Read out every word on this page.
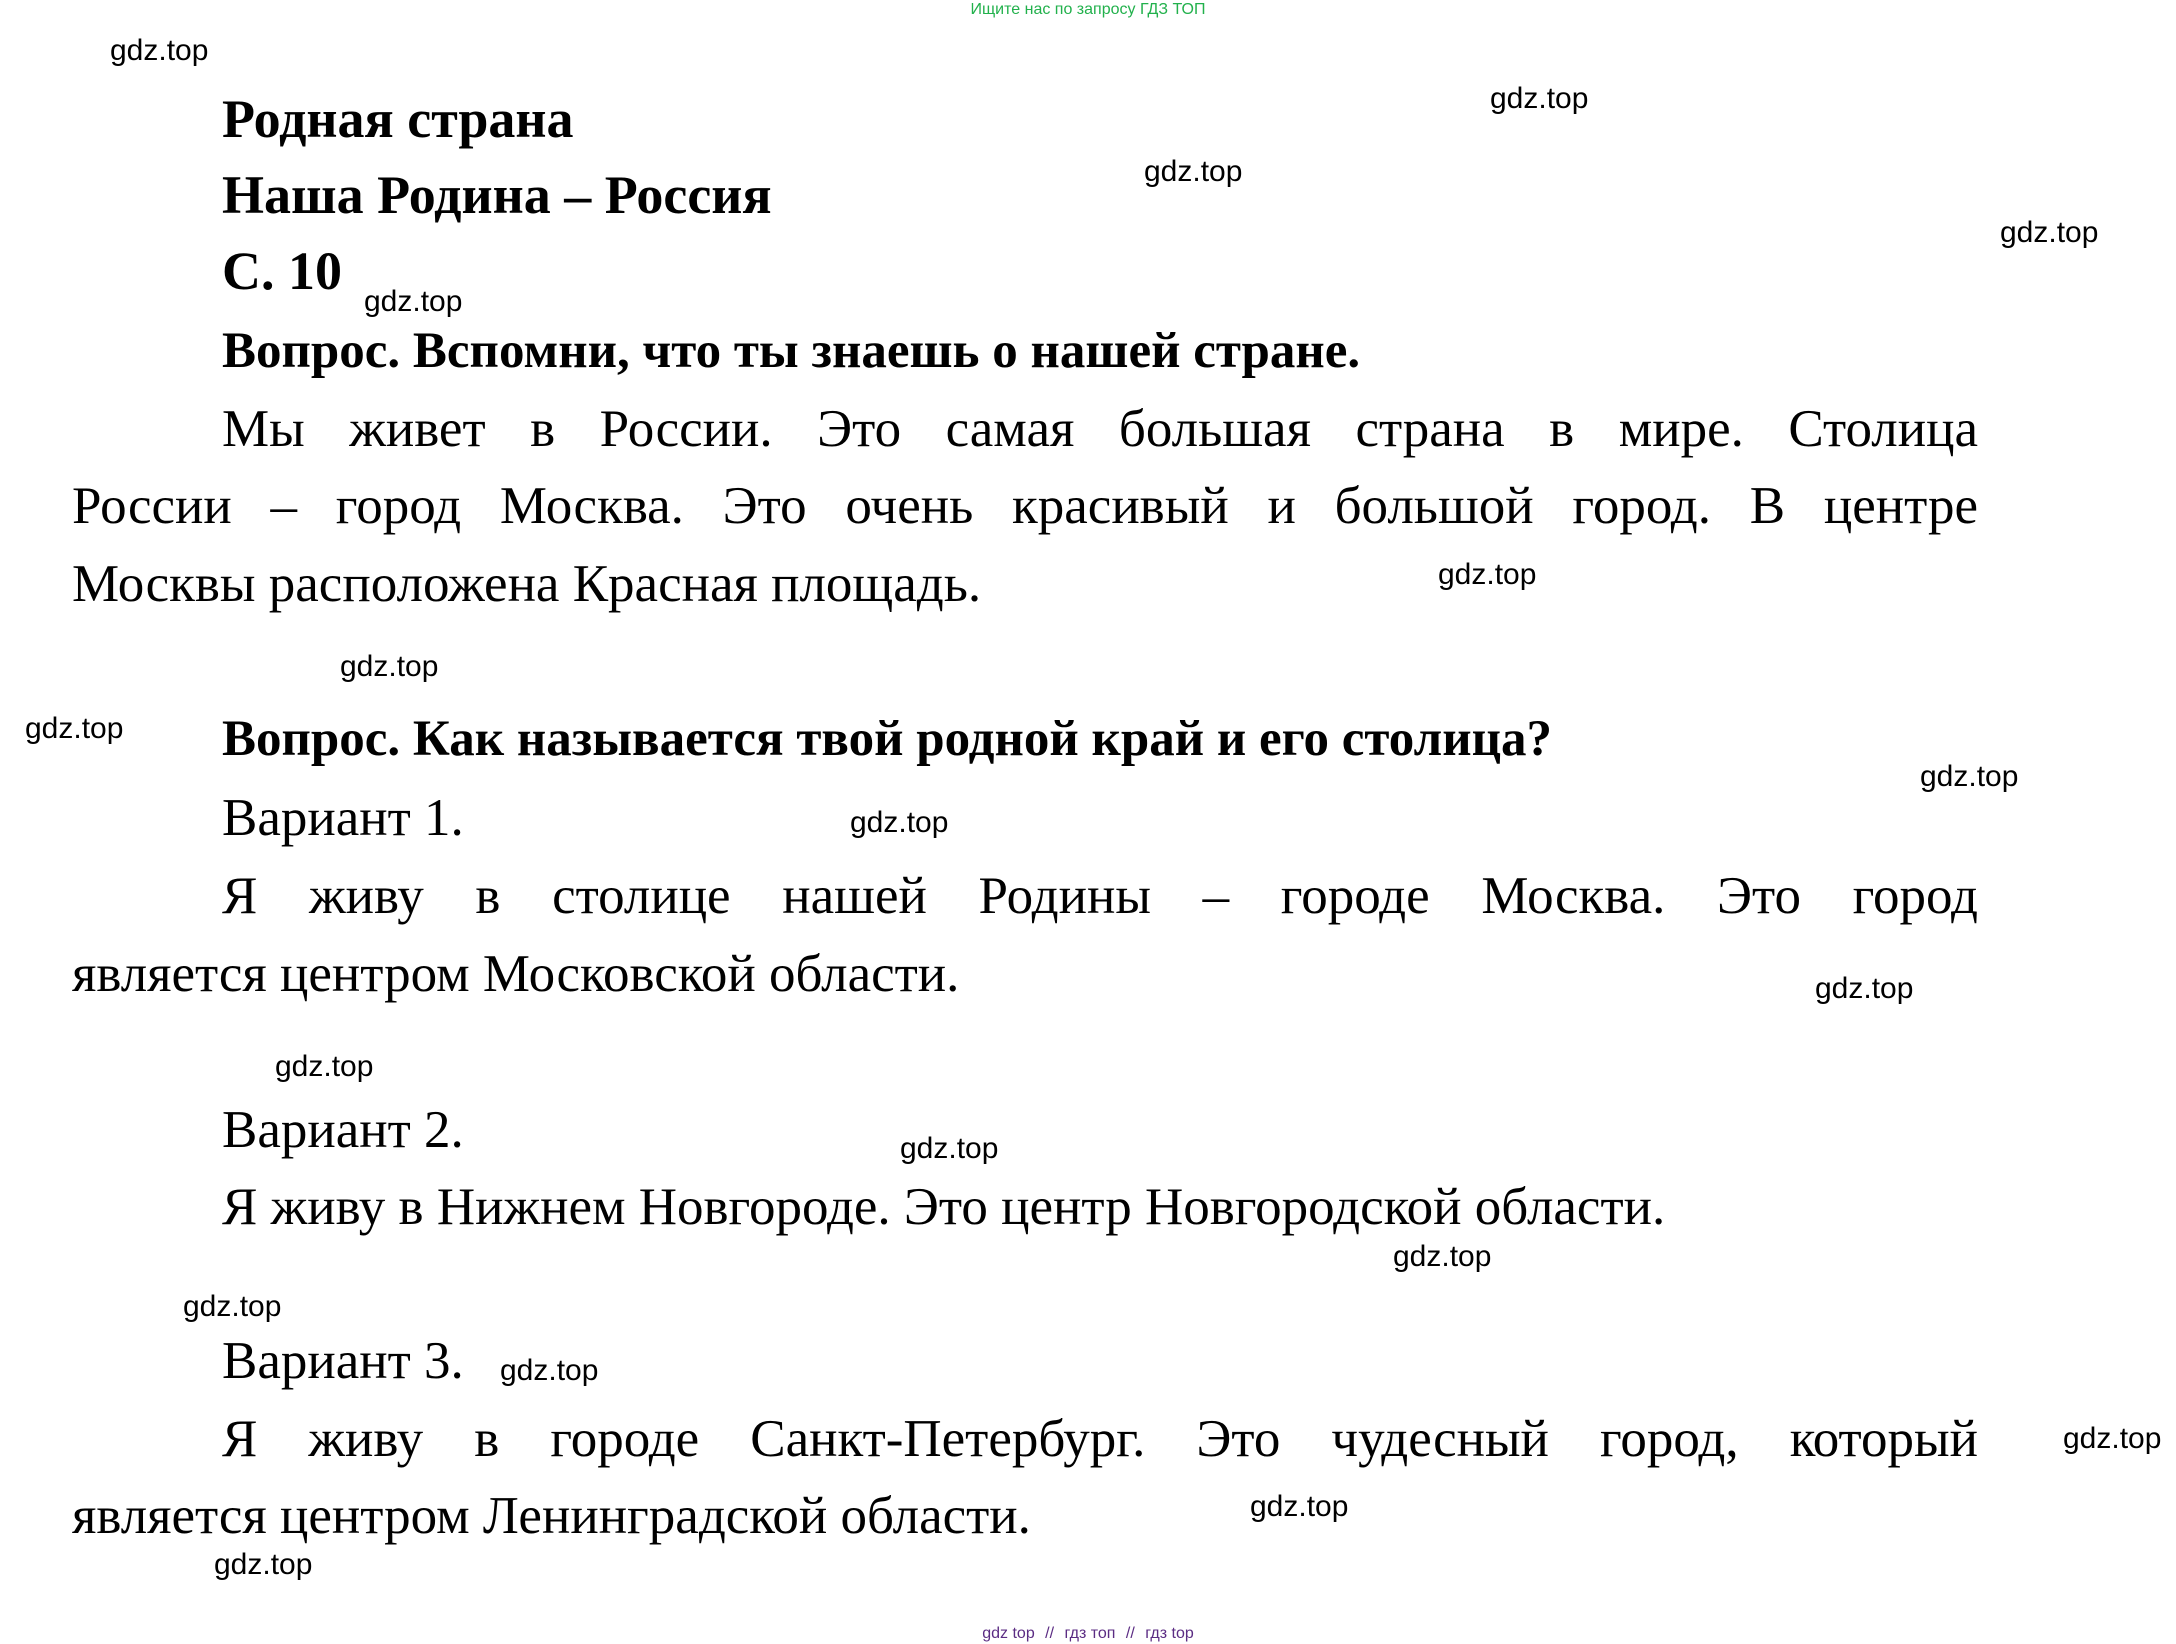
Ищите нас по запросу ГДЗ ТОП
Родная страна
Наша Родина – Россия
С. 10
Вопрос. Вспомни, что ты знаешь о нашей стране.
Мы живет в России. Это самая большая страна в мире. Столица
России – город Москва. Это очень красивый и большой город. В центре
Москвы расположена Красная площадь.
Вопрос. Как называется твой родной край и его столица?
Вариант 1.
Я живу в столице нашей Родины – городе Москва. Это город
является центром Московской области.
Вариант 2.
Я живу в Нижнем Новгороде. Это центр Новгородской области.
Вариант 3.
Я живу в городе Санкт-Петербург. Это чудесный город, который
является центром Ленинградской области.
gdz.top
gdz.top
gdz.top
gdz.top
gdz.top
gdz.top
gdz.top
gdz.top
gdz.top
gdz.top
gdz.top
gdz.top
gdz.top
gdz.top
gdz.top
gdz.top
gdz.top
gdz.top
gdz.top
gdz top // гдз топ // гдз top
